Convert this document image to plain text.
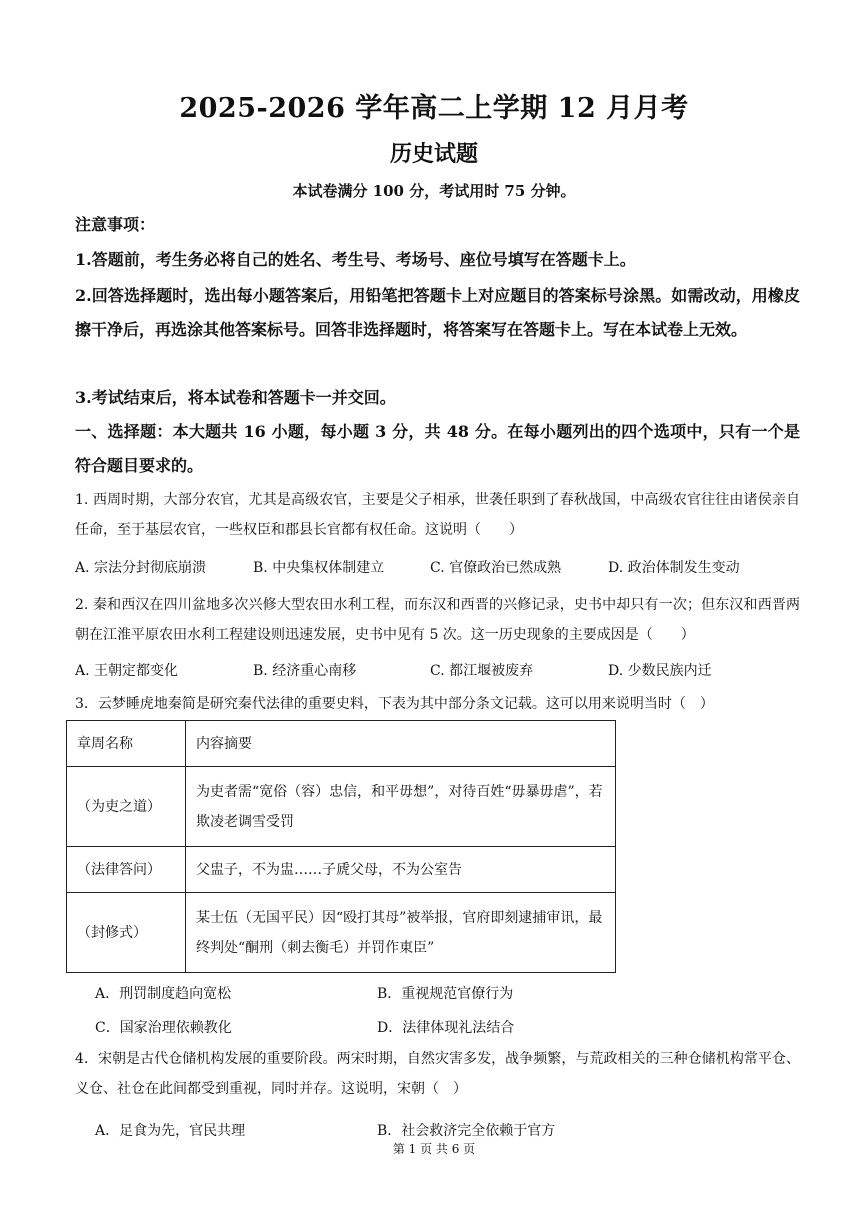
2025-2026 学年高二上学期 12 月月考
历史试题
本试卷满分 100 分，考试用时 75 分钟。
注意事项：
1.答题前，考生务必将自己的姓名、考生号、考场号、座位号填写在答题卡上。
2.回答选择题时，选出每小题答案后，用铅笔把答题卡上对应题目的答案标号涂黑。如需改动，用橡皮擦干净后，再选涂其他答案标号。回答非选择题时，将答案写在答题卡上。写在本试卷上无效。
3.考试结束后，将本试卷和答题卡一并交回。
一、选择题：本大题共 16 小题，每小题 3 分，共 48 分。在每小题列出的四个选项中，只有一个是符合题目要求的。
1. 西周时期，大部分农官，尤其是高级农官，主要是父子相承，世袭任职到了春秋战国，中高级农官往往由诸侯亲自任命，至于基层农官，一些权臣和郡县长官都有权任命。这说明（　　）
A. 宗法分封彻底崩溃	B. 中央集权体制建立	C. 官僚政治已然成熟	D. 政治体制发生变动
2. 秦和西汉在四川盆地多次兴修大型农田水利工程，而东汉和西晋的兴修记录，史书中却只有一次；但东汉和西晋两朝在江淮平原农田水利工程建设则迅速发展，史书中见有 5 次。这一历史现象的主要成因是（　　）
A. 王朝定都变化	B. 经济重心南移	C. 都江堰被废弃	D. 少数民族内迁
3．云梦睡虎地秦简是研究秦代法律的重要史料，下表为其中部分条文记载。这可以用来说明当时（　）
章周名称	内容摘要
（为吏之道）	为吏者需“宽俗（容）忠信，和平毋想”，对待百姓“毋暴毋虐”，若欺凌老调雪受罚
（法律答问）	父盅子，不为盅……子虒父母，不为公室告
（封修式）	某士伍（无国平民）因“殴打其母”被举报，官府即刻逮捕审讯，最终判处“酮刑（刺去衡毛）并罚作東臣”
A．刑罚制度趋向宽松	B．重视规范官僚行为
C．国家治理依赖教化	D．法律体现礼法结合
4．宋朝是古代仓储机构发展的重要阶段。两宋时期，自然灾害多发，战争频繁，与荒政相关的三种仓储机构常平仓、义仓、社仓在此间都受到重视，同时并存。这说明，宋朝（　）
A．足食为先，官民共理	B．社会救济完全依赖于官方
第 1 页 共 6 页
